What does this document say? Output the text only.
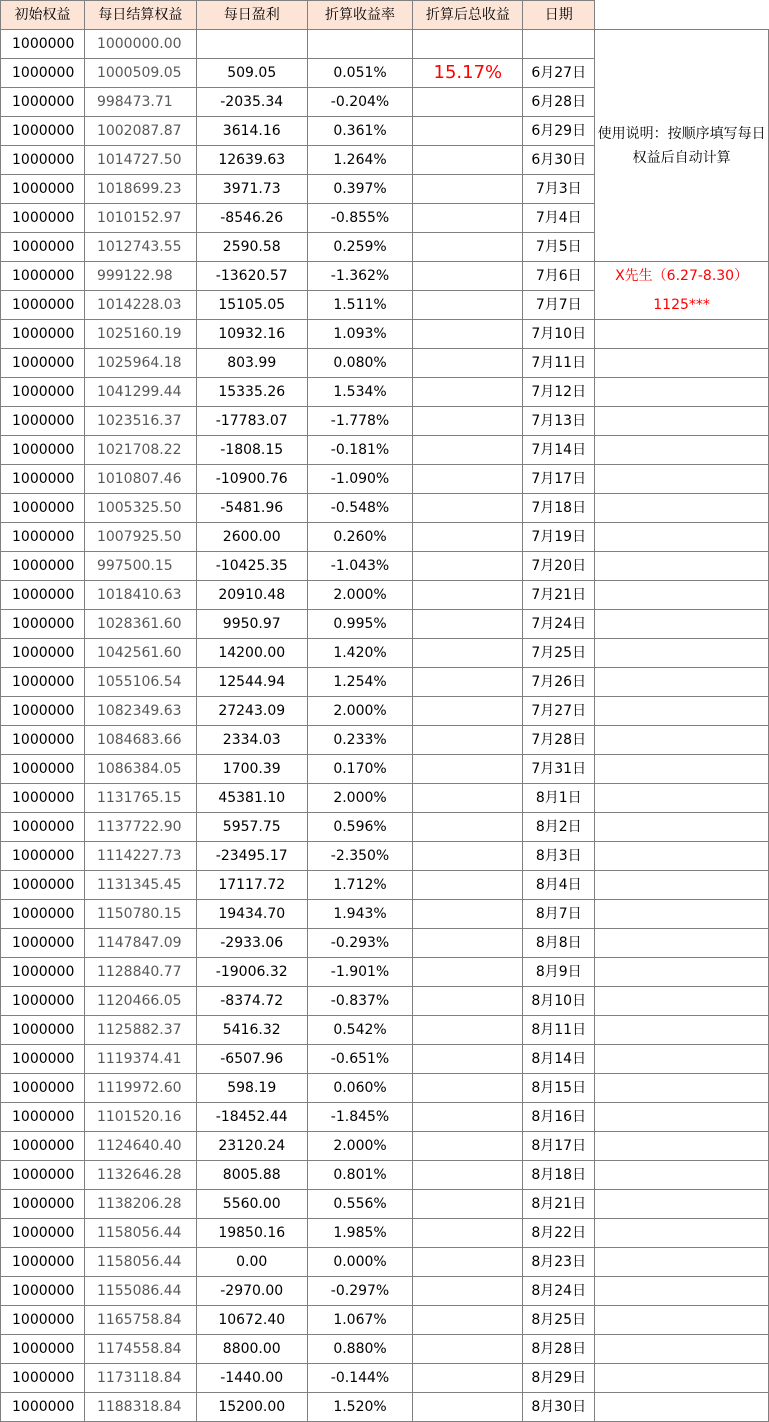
初始权益	每日结算权益	每日盈利	折算收益率	折算后总收益	日期	
1000000	1000000.00					使用说明：按顺序填写每日权益后自动计算

1000000	1000509.05	509.05	0.051%	15.17%	6月27日	
1000000	998473.71	-2035.34	-0.204%		6月28日	
1000000	1002087.87	3614.16	0.361%		6月29日	
1000000	1014727.50	12639.63	1.264%		6月30日	
1000000	1018699.23	3971.73	0.397%		7月3日	
1000000	1010152.97	-8546.26	-0.855%		7月4日	
1000000	1012743.55	2590.58	0.259%		7月5日	
1000000	999122.98	-13620.57	-1.362%		7月6日	X先生（6.27-8.30）
1000000	1014228.03	15105.05	1.511%		7月7日	1125***
1000000	1025160.19	10932.16	1.093%		7月10日	
1000000	1025964.18	803.99	0.080%		7月11日	
1000000	1041299.44	15335.26	1.534%		7月12日	
1000000	1023516.37	-17783.07	-1.778%		7月13日	
1000000	1021708.22	-1808.15	-0.181%		7月14日	
1000000	1010807.46	-10900.76	-1.090%		7月17日	
1000000	1005325.50	-5481.96	-0.548%		7月18日	
1000000	1007925.50	2600.00	0.260%		7月19日	
1000000	997500.15	-10425.35	-1.043%		7月20日	
1000000	1018410.63	20910.48	2.000%		7月21日	
1000000	1028361.60	9950.97	0.995%		7月24日	
1000000	1042561.60	14200.00	1.420%		7月25日	
1000000	1055106.54	12544.94	1.254%		7月26日	
1000000	1082349.63	27243.09	2.000%		7月27日	
1000000	1084683.66	2334.03	0.233%		7月28日	
1000000	1086384.05	1700.39	0.170%		7月31日	
1000000	1131765.15	45381.10	2.000%		8月1日	
1000000	1137722.90	5957.75	0.596%		8月2日	
1000000	1114227.73	-23495.17	-2.350%		8月3日	
1000000	1131345.45	17117.72	1.712%		8月4日	
1000000	1150780.15	19434.70	1.943%		8月7日	
1000000	1147847.09	-2933.06	-0.293%		8月8日	
1000000	1128840.77	-19006.32	-1.901%		8月9日	
1000000	1120466.05	-8374.72	-0.837%		8月10日	
1000000	1125882.37	5416.32	0.542%		8月11日	
1000000	1119374.41	-6507.96	-0.651%		8月14日	
1000000	1119972.60	598.19	0.060%		8月15日	
1000000	1101520.16	-18452.44	-1.845%		8月16日	
1000000	1124640.40	23120.24	2.000%		8月17日	
1000000	1132646.28	8005.88	0.801%		8月18日	
1000000	1138206.28	5560.00	0.556%		8月21日	
1000000	1158056.44	19850.16	1.985%		8月22日	
1000000	1158056.44	0.00	0.000%		8月23日	
1000000	1155086.44	-2970.00	-0.297%		8月24日	
1000000	1165758.84	10672.40	1.067%		8月25日	
1000000	1174558.84	8800.00	0.880%		8月28日	
1000000	1173118.84	-1440.00	-0.144%		8月29日	
1000000	1188318.84	15200.00	1.520%		8月30日	
